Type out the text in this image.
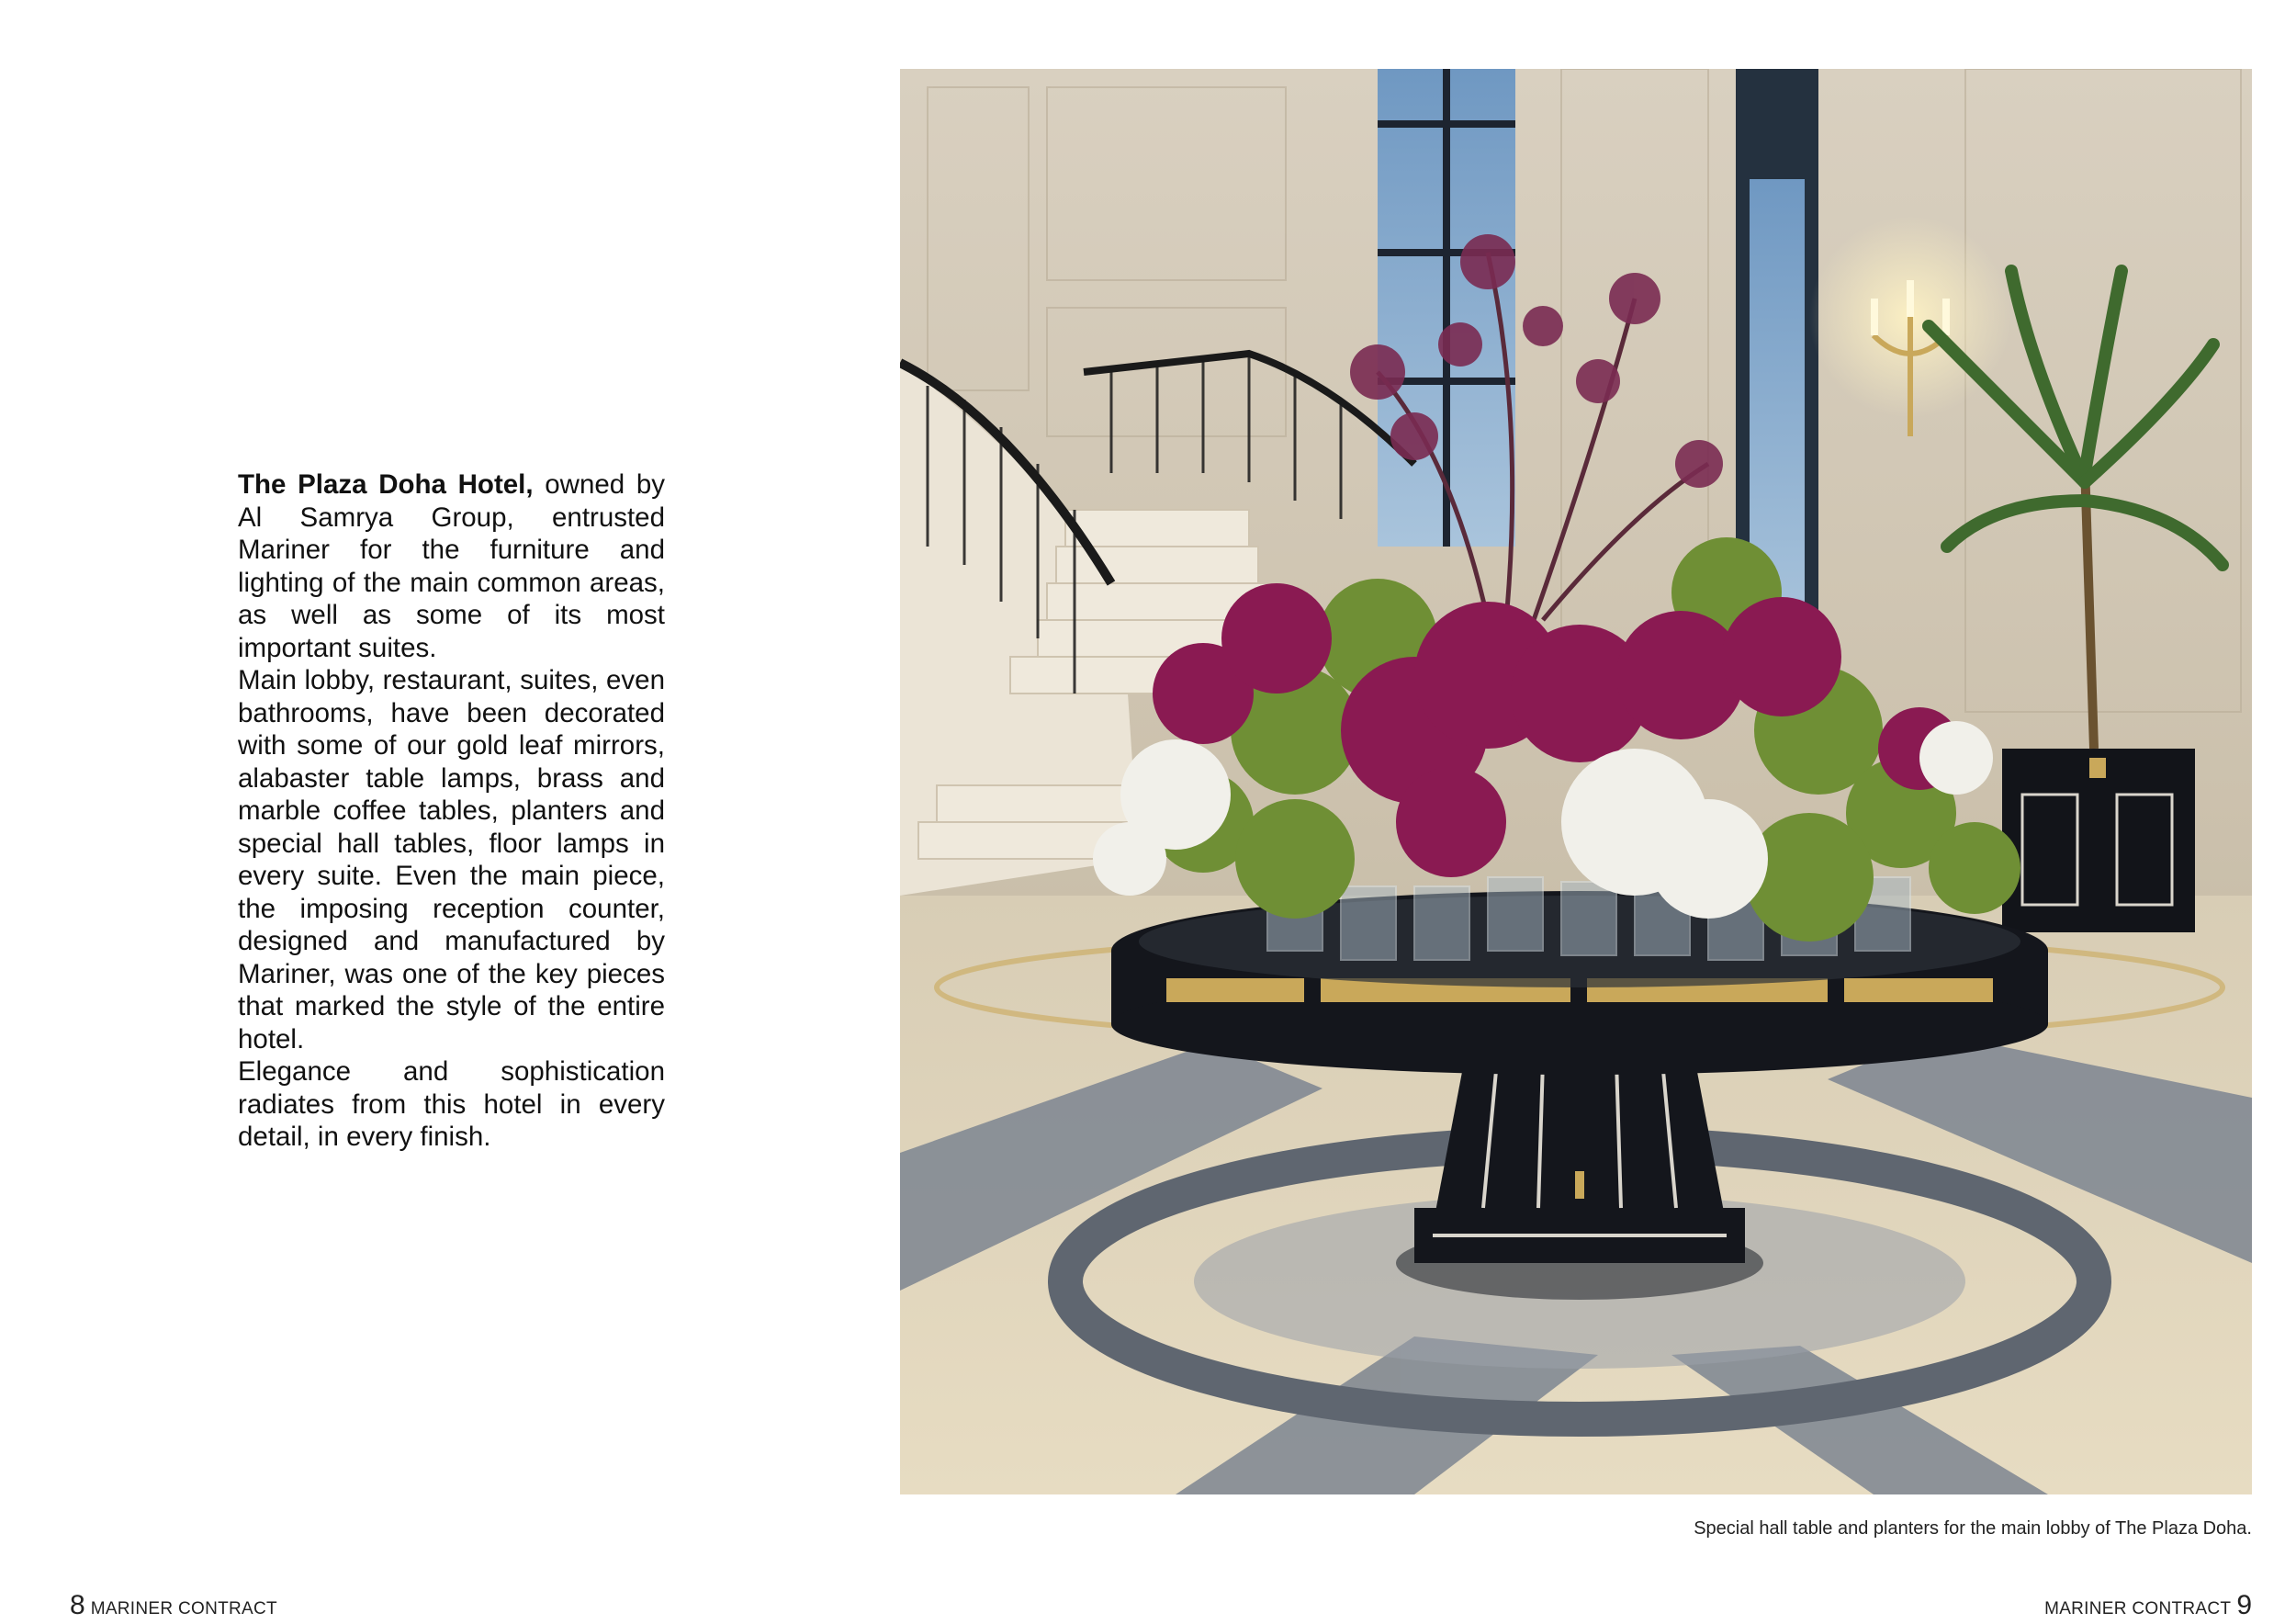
The Plaza Doha Hotel, owned by Al Samrya Group, entrusted Mariner for the furniture and lighting of the main common areas, as well as some of its most important suites.

Main lobby, restaurant, suites, even bathrooms, have been decorated with some of our gold leaf mirrors, alabaster table lamps, brass and marble coffee tables, planters and special hall tables, floor lamps in every suite. Even the main piece, the imposing reception counter, designed and manufactured by Mariner, was one of the key pieces that marked the style of the entire hotel.

Elegance and sophistication radiates from this hotel in every detail, in every finish.

Special hall table and planters for the main lobby of The Plaza Doha.
8 MARINER CONTRACT	MARINER CONTRACT 9
